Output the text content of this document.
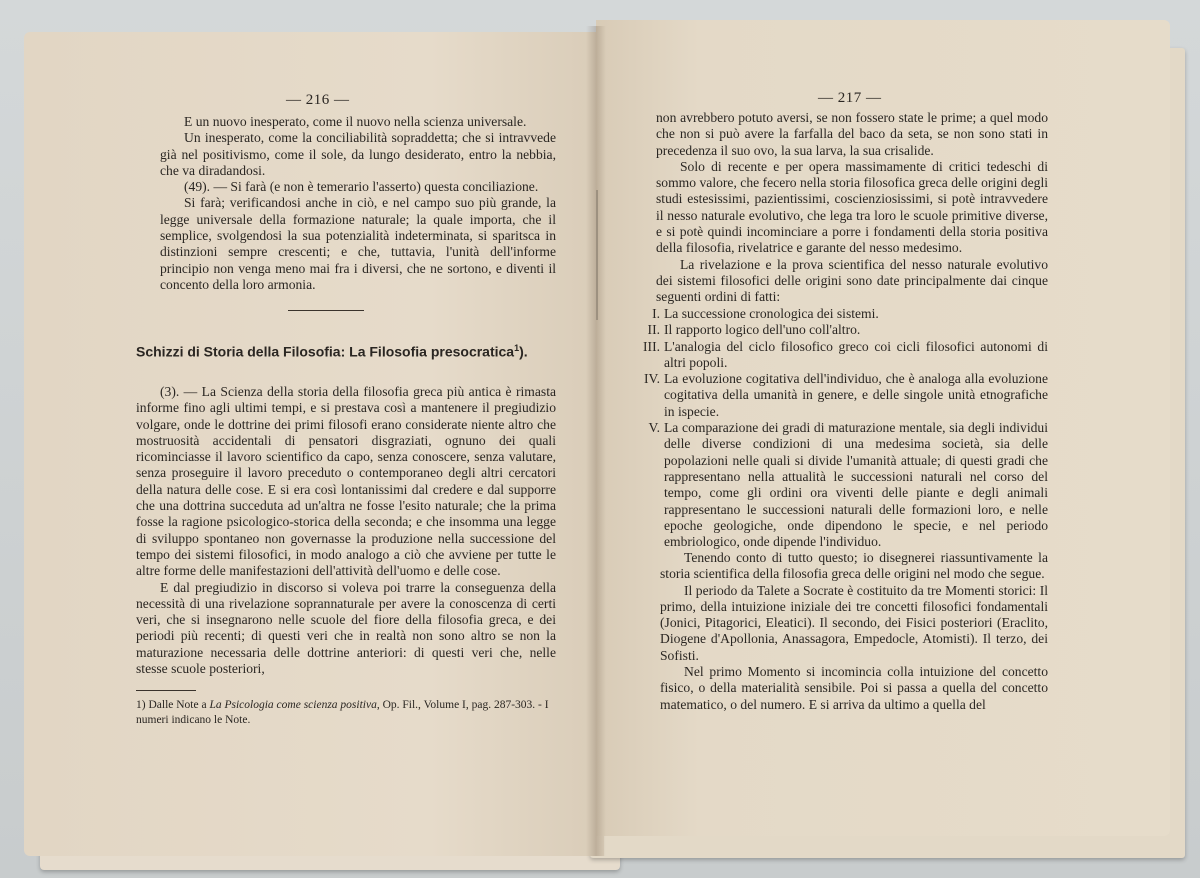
— 216 —

E un nuovo inesperato, come il nuovo nella scienza universale.

Un inesperato, come la conciliabilità sopraddetta; che si intravvede già nel positivismo, come il sole, da lungo desiderato, entro la nebbia, che va diradandosi.

(49). — Si farà (e non è temerario l'asserto) questa conciliazione.

Si farà; verificandosi anche in ciò, e nel campo suo più grande, la legge universale della formazione naturale; la quale importa, che il semplice, svolgendosi la sua potenzialità indeterminata, si sparitsca in distinzioni sempre crescenti; e che, tuttavia, l'unità dell'informe principio non venga meno mai fra i diversi, che ne sortono, e diventi il concento della loro armonia.

Schizzi di Storia della Filosofia: La Filosofia presocratica$^1$).

(3). — La Scienza della storia della filosofia greca più antica è rimasta informe fino agli ultimi tempi, e si prestava così a mantenere il pregiudizio volgare, onde le dottrine dei primi filosofi erano considerate niente altro che mostruosità accidentali di pensatori disgraziati, ognuno dei quali ricominciasse il lavoro scientifico da capo, senza conoscere, senza valutare, senza proseguire il lavoro preceduto o contemporaneo degli altri cercatori della natura delle cose. E si era così lontanissimi dal credere e dal supporre che una dottrina succeduta ad un'altra ne fosse l'esito naturale; che la prima fosse la ragione psicologico-storica della seconda; e che insomma una legge di sviluppo spontaneo non governasse la produzione nella successione del tempo dei sistemi filosofici, in modo analogo a ciò che avviene per tutte le altre forme delle manifestazioni dell'attività dell'uomo e delle cose.

E dal pregiudizio in discorso si voleva poi trarre la conseguenza della necessità di una rivelazione soprannaturale per avere la conoscenza di certi veri, che si insegnarono nelle scuole del fiore della filosofia greca, e dei periodi più recenti; di questi veri che in realtà non sono altro se non la maturazione necessaria delle dottrine anteriori: di questi veri che, nelle stesse scuole posteriori,

1) Dalle Note a La Psicologia come scienza positiva, Op. Fil., Volume I, pag. 287-303. - I numeri indicano le Note.
— 217 —

non avrebbero potuto aversi, se non fossero state le prime; a quel modo che non si può avere la farfalla del baco da seta, se non sono stati in precedenza il suo ovo, la sua larva, la sua crisalide.

Solo di recente e per opera massimamente di critici tedeschi di sommo valore, che fecero nella storia filosofica greca delle origini degli studi estesissimi, pazientissimi, coscienziosissimi, si potè intravvedere il nesso naturale evolutivo, che lega tra loro le scuole primitive diverse, e si potè quindi incominciare a porre i fondamenti della storia positiva della filosofia, rivelatrice e garante del nesso medesimo.

La rivelazione e la prova scientifica del nesso naturale evolutivo dei sistemi filosofici delle origini sono date principalmente dai cinque seguenti ordini di fatti:

I. La successione cronologica dei sistemi.
II. Il rapporto logico dell'uno coll'altro.
III. L'analogia del ciclo filosofico greco coi cicli filosofici autonomi di altri popoli.
IV. La evoluzione cogitativa dell'individuo, che è analoga alla evoluzione cogitativa della umanità in genere, e delle singole unità etnografiche in ispecie.
V. La comparazione dei gradi di maturazione mentale, sia degli individui delle diverse condizioni di una medesima società, sia delle popolazioni nelle quali si divide l'umanità attuale; di questi gradi che rappresentano nella attualità le successioni naturali nel corso del tempo, come gli ordini ora viventi delle piante e degli animali rappresentano le successioni naturali delle formazioni loro, e nelle epoche geologiche, onde dipendono le specie, e nel periodo embriologico, onde dipende l'individuo.

Tenendo conto di tutto questo; io disegnerei riassuntivamente la storia scientifica della filosofia greca delle origini nel modo che segue.

Il periodo da Talete a Socrate è costituito da tre Momenti storici: Il primo, della intuizione iniziale dei tre concetti filosofici fondamentali (Jonici, Pitagorici, Eleatici). Il secondo, dei Fisici posteriori (Eraclito, Diogene d'Apollonia, Anassagora, Empedocle, Atomisti). Il terzo, dei Sofisti.

Nel primo Momento si incomincia colla intuizione del concetto fisico, o della materialità sensibile. Poi si passa a quella del concetto matematico, o del numero. E si arriva da ultimo a quella del
